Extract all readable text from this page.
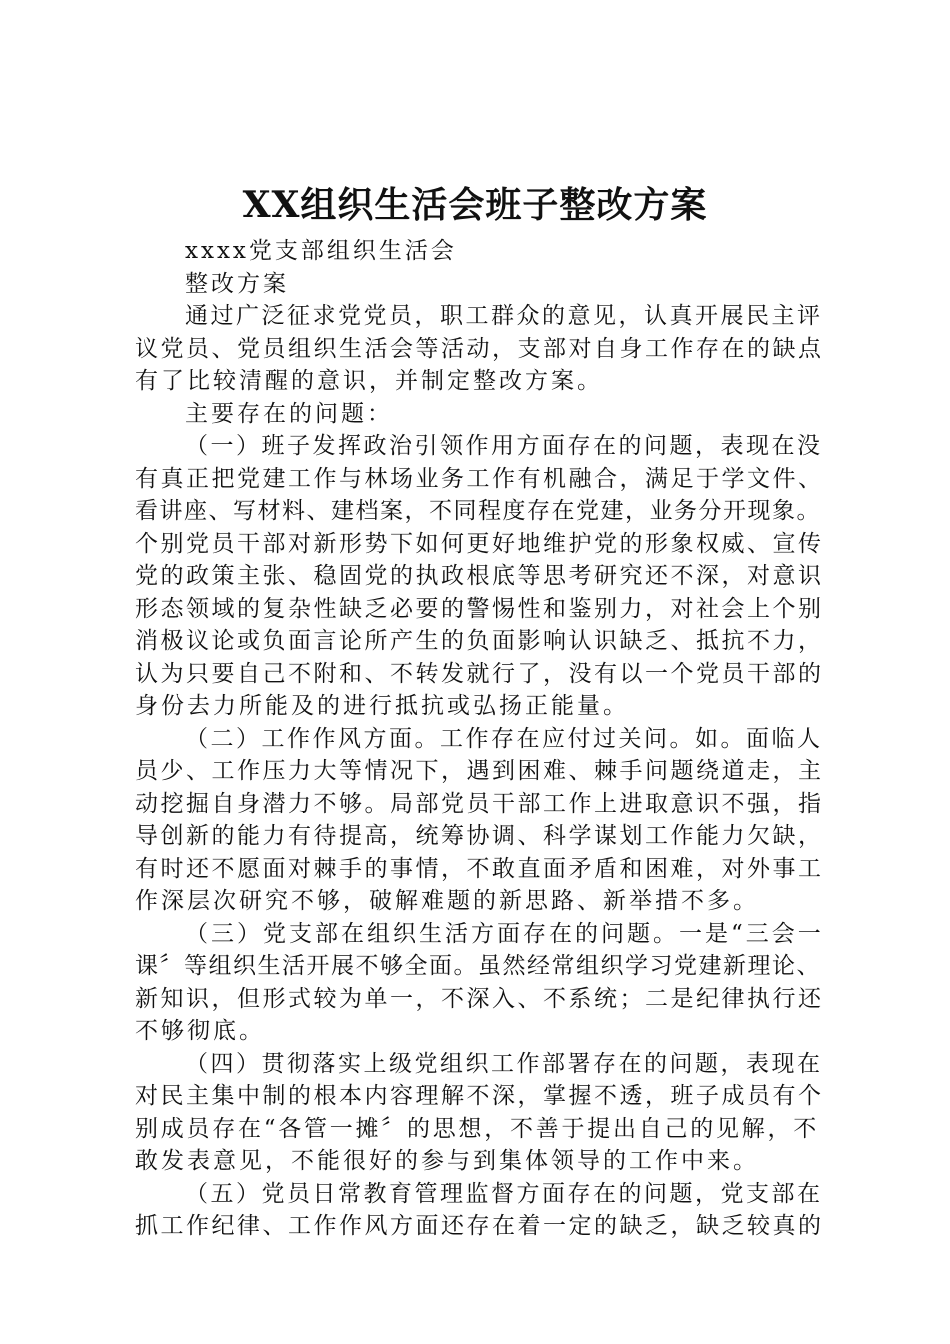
XX组织生活会班子整改方案

xxxx党支部组织生活会

整改方案

通过广泛征求党党员，职工群众的意见，认真开展民主评

议党员、党员组织生活会等活动，支部对自身工作存在的缺点

有了比较清醒的意识，并制定整改方案。

主要存在的问题：

（一）班子发挥政治引领作用方面存在的问题，表现在没

有真正把党建工作与林场业务工作有机融合，满足于学文件、

看讲座、写材料、建档案，不同程度存在党建，业务分开现象。

个别党员干部对新形势下如何更好地维护党的形象权威、宣传

党的政策主张、稳固党的执政根底等思考研究还不深，对意识

形态领域的复杂性缺乏必要的警惕性和鉴别力，对社会上个别

消极议论或负面言论所产生的负面影响认识缺乏、抵抗不力，

认为只要自己不附和、不转发就行了，没有以一个党员干部的

身份去力所能及的进行抵抗或弘扬正能量。

（二）工作作风方面。工作存在应付过关问。如。面临人

员少、工作压力大等情况下，遇到困难、棘手问题绕道走，主

动挖掘自身潜力不够。局部党员干部工作上进取意识不强，指

导创新的能力有待提高，统筹协调、科学谋划工作能力欠缺，

有时还不愿面对棘手的事情，不敢直面矛盾和困难，对外事工

作深层次研究不够，破解难题的新思路、新举措不多。

（三）党支部在组织生活方面存在的问题。一是“三会一

课〞等组织生活开展不够全面。虽然经常组织学习党建新理论、

新知识，但形式较为单一，不深入、不系统；二是纪律执行还

不够彻底。

（四）贯彻落实上级党组织工作部署存在的问题，表现在

对民主集中制的根本内容理解不深，掌握不透，班子成员有个

别成员存在“各管一摊〞的思想，不善于提出自己的见解，不

敢发表意见，不能很好的参与到集体领导的工作中来。

（五）党员日常教育管理监督方面存在的问题，党支部在

抓工作纪律、工作作风方面还存在着一定的缺乏，缺乏较真的
